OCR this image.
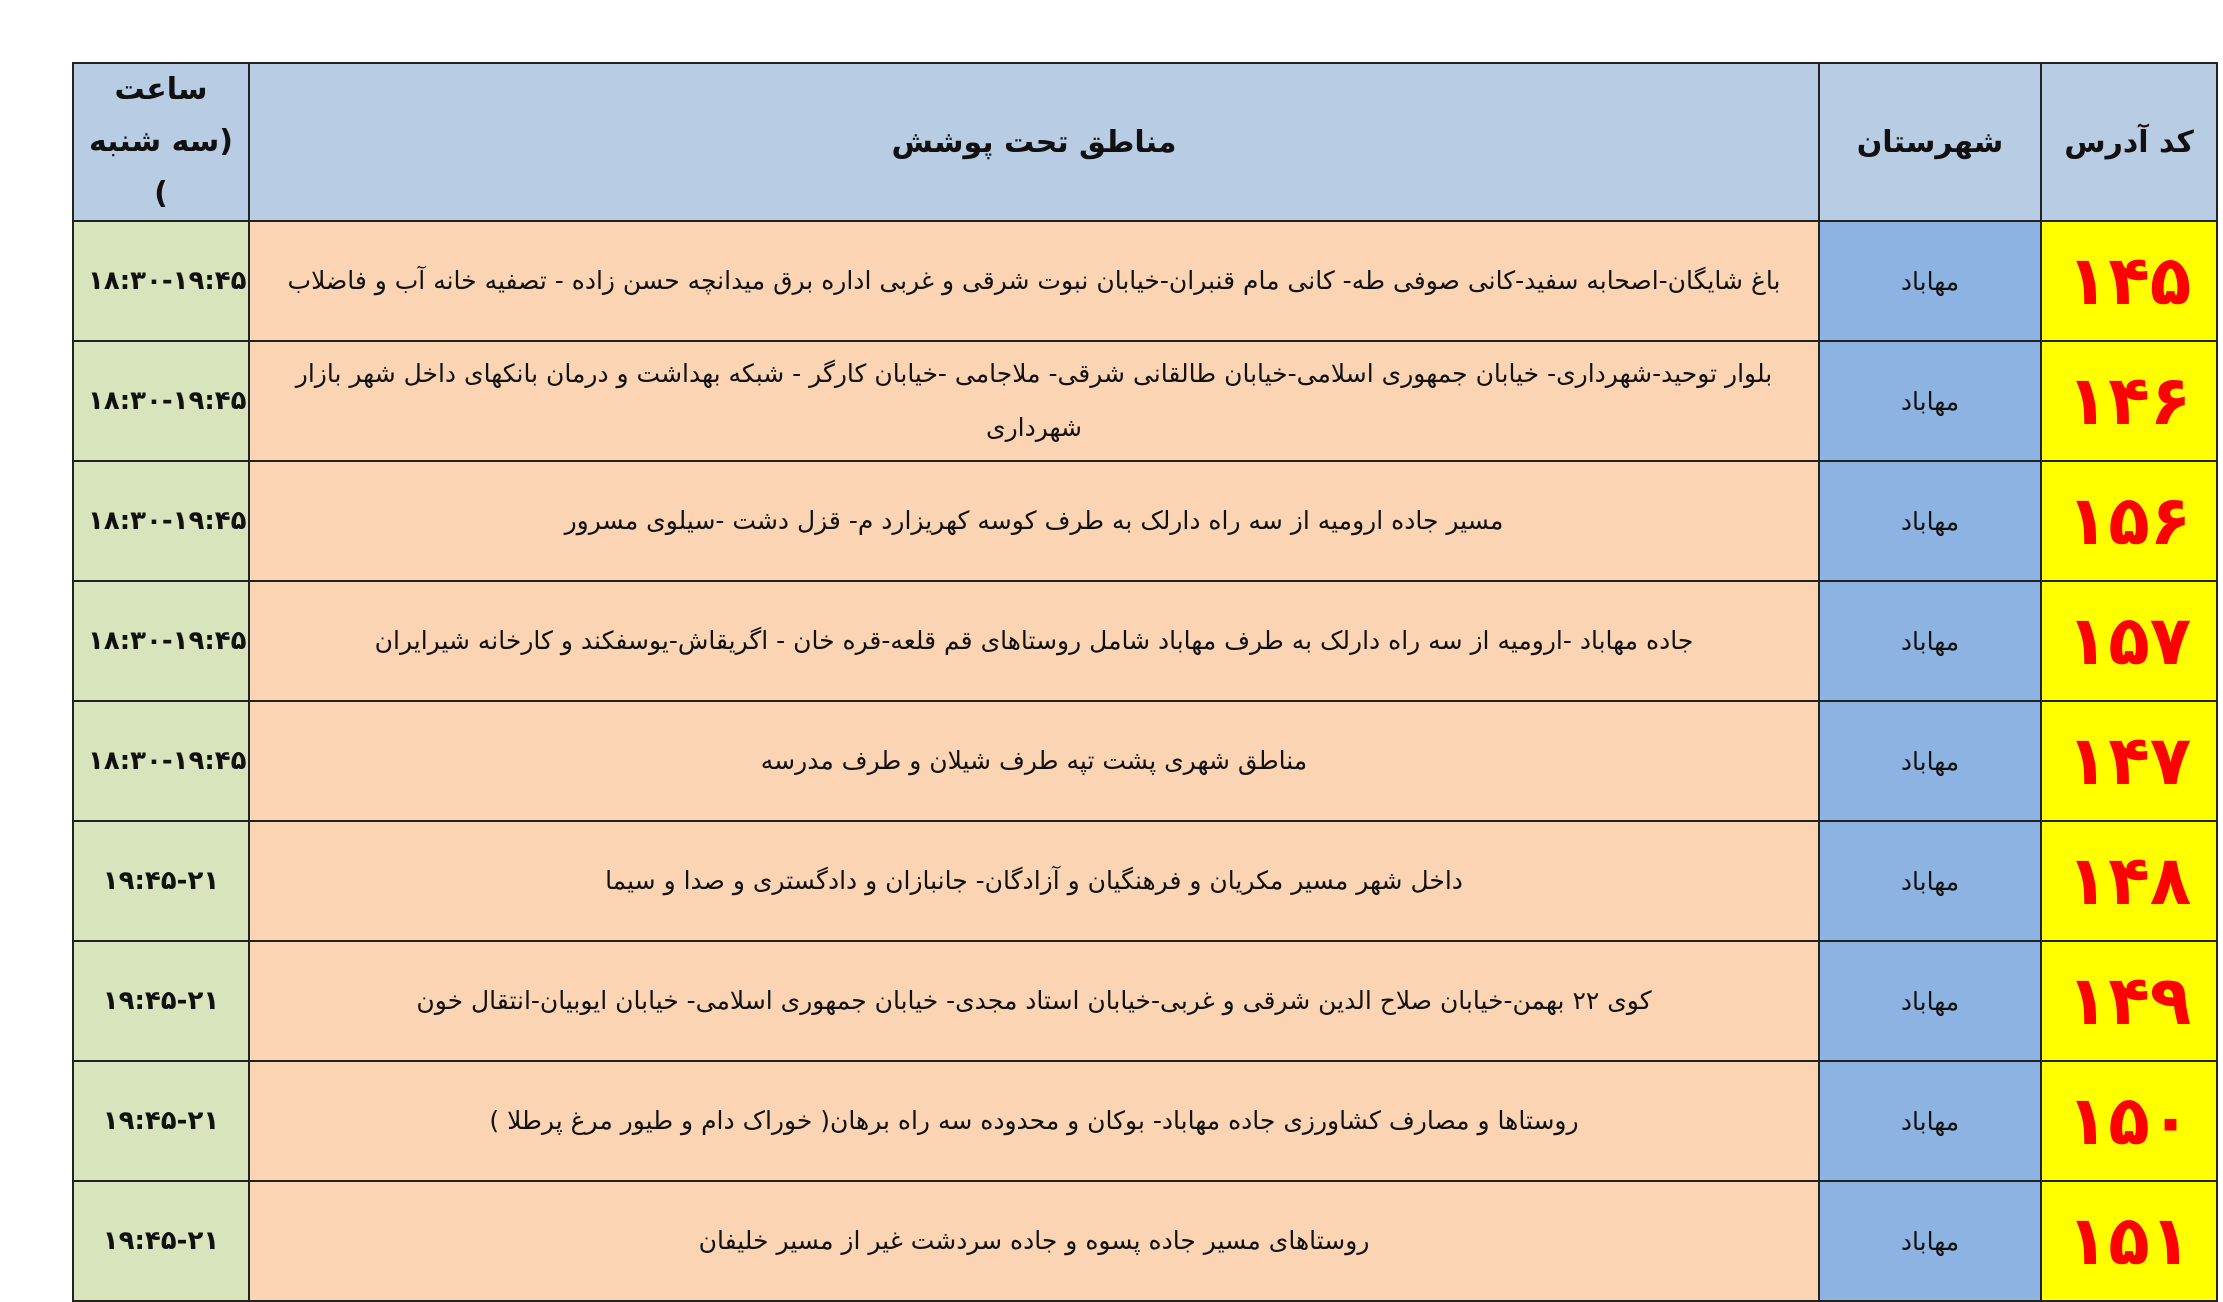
کد آدرس	شهرستان	مناطق تحت پوشش	ساعت (سه شنبه )
۱۴۵	مهاباد	باغ شایگان-اصحابه سفید-کانی صوفی طه- کانی مام قنبران-خیابان نبوت شرقی و غربی اداره برق میدانچه حسن زاده - تصفیه خانه آب و فاضلاب	۱۸:۳۰-۱۹:۴۵
۱۴۶	مهاباد	بلوار توحید-شهرداری- خیابان جمهوری اسلامی-خیابان طالقانی شرقی- ملاجامی -خیابان کارگر - شبکه بهداشت و درمان بانکهای داخل شهر بازار شهرداری	۱۸:۳۰-۱۹:۴۵
۱۵۶	مهاباد	مسیر جاده ارومیه از سه راه دارلک به طرف کوسه کهریزارد م- قزل دشت -سیلوی مسرور	۱۸:۳۰-۱۹:۴۵
۱۵۷	مهاباد	جاده مهاباد -ارومیه از سه راه دارلک به طرف مهاباد شامل روستاهای قم قلعه-قره خان - اگریقاش-یوسفکند و کارخانه شیرایران	۱۸:۳۰-۱۹:۴۵
۱۴۷	مهاباد	مناطق شهری پشت تپه طرف شیلان و طرف مدرسه	۱۸:۳۰-۱۹:۴۵
۱۴۸	مهاباد	داخل شهر مسیر مکریان و فرهنگیان و آزادگان- جانبازان و دادگستری و صدا و سیما	۱۹:۴۵-۲۱
۱۴۹	مهاباد	کوی ۲۲ بهمن-خیابان صلاح الدین شرقی و غربی-خیابان استاد مجدی- خیابان جمهوری اسلامی- خیابان ایوبیان-انتقال خون	۱۹:۴۵-۲۱
۱۵۰	مهاباد	روستاها و مصارف کشاورزی جاده مهاباد- بوکان و محدوده سه راه برهان( خوراک دام و طیور مرغ پرطلا )	۱۹:۴۵-۲۱
۱۵۱	مهاباد	روستاهای مسیر جاده پسوه و جاده سردشت غیر از مسیر خلیفان	۱۹:۴۵-۲۱
